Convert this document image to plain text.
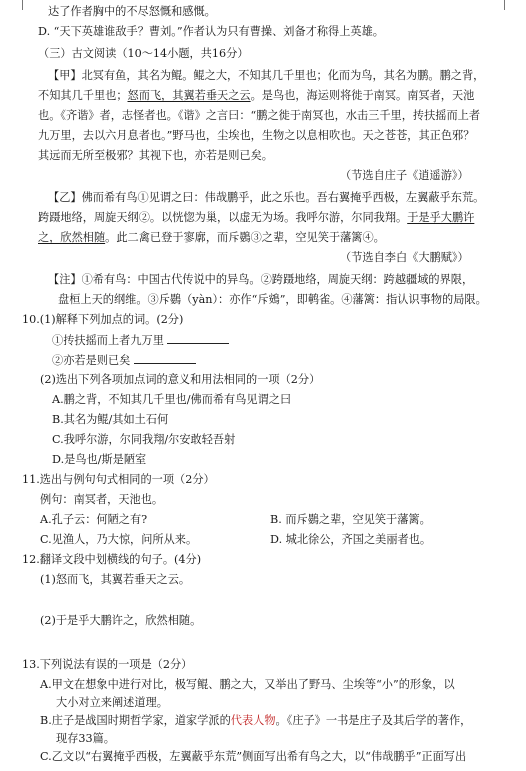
达了作者胸中的不尽怒慨和感慨。
D. “天下英雄谁敌手？曹刘。”作者认为只有曹操、刘备才称得上英雄。
（三）古文阅读（10～14小题，共16分）
【甲】北冥有鱼，其名为鲲。鲲之大，不知其几千里也；化而为鸟，其名为鹏。鹏之背，
不知其几千里也；怒而飞，其翼若垂天之云。是鸟也，海运则将徙于南冥。南冥者，天池
也。《齐谐》者，志怪者也。《谐》之言曰：“鹏之徙于南冥也，水击三千里，抟扶摇而上者
九万里，去以六月息者也。”野马也，尘埃也，生物之以息相吹也。天之苍苍，其正色邪？
其远而无所至极邪？其视下也，亦若是则已矣。
（节选自庄子《逍遥游》）
【乙】佛而希有鸟①见谓之曰：伟哉鹏乎，此之乐也。吾右翼掩乎西极，左翼蔽乎东荒。
跨蹑地络，周旋天纲②。以恍惚为巢，以虚无为场。我呼尔游，尔同我翔。于是乎大鹏许
之，欣然相随。此二禽已登于寥廓，而斥鷃③之辈，空见笑于藩篱④。
（节选自李白《大鹏赋》）
【注】①希有鸟：中国古代传说中的异鸟。②跨蹑地络，周旋天纲：跨越疆域的界限，
盘桓上天的纲维。③斥鷃（yàn）：亦作“斥鴳”，即鹌雀。④藩篱：指认识事物的局限。
10.(1)解释下列加点的词。(2分)
①抟扶摇而上者九万里
②亦若是则已矣
(2)选出下列各项加点词的意义和用法相同的一项（2分）
A.鹏之背，不知其几千里也/佛而希有鸟见谓之曰
B.其名为鲲/其如土石何
C.我呼尔游，尔同我翔/尔安敢轻吾射
D.是鸟也/斯是陋室
11.选出与例句句式相同的一项（2分）
例句：南冥者，天池也。
A.孔子云：何陋之有?	B. 而斥鷃之辈，空见笑于藩篱。
C.见渔人，乃大惊，问所从来。	D. 城北徐公，齐国之美丽者也。
12.翻译文段中划横线的句子。(4分)
(1)怒而飞，其翼若垂天之云。
(2)于是乎大鹏许之，欣然相随。
13.下列说法有误的一项是（2分）
A.甲文在想象中进行对比，极写鲲、鹏之大，又举出了野马、尘埃等“小”的形象，以
大小对立来阐述道理。
B.庄子是战国时期哲学家，道家学派的代表人物。《庄子》一书是庄子及其后学的著作，
现存33篇。
C.乙文以“右翼掩乎西极，左翼蔽乎东荒”侧面写出希有鸟之大，以“伟哉鹏乎”正面写出
